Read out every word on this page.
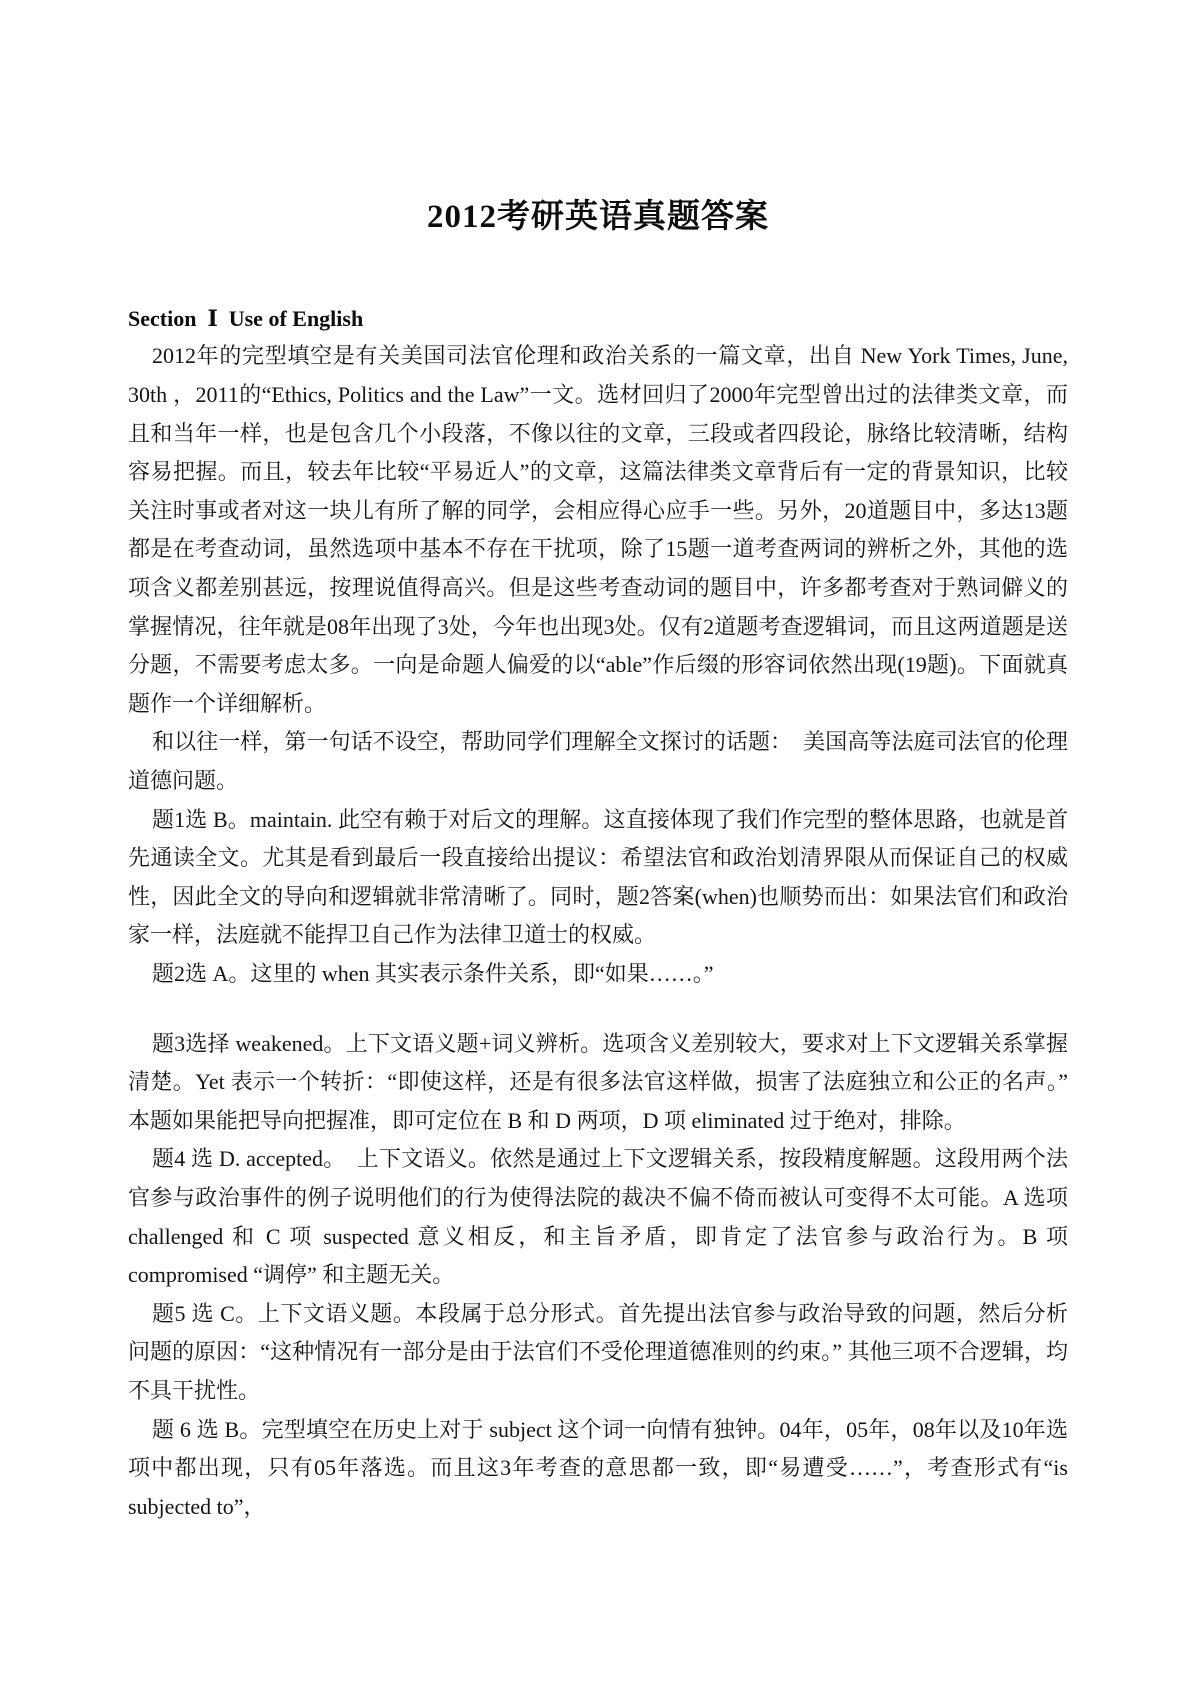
2012考研英语真题答案
Section  Ⅰ  Use of English

2012年的完型填空是有关美国司法官伦理和政治关系的一篇文章，出自 New York Times, June, 30th ，2011的“Ethics, Politics and the Law”一文。选材回归了2000年完型曾出过的法律类文章，而且和当年一样，也是包含几个小段落，不像以往的文章，三段或者四段论，脉络比较清晰，结构容易把握。而且，较去年比较“平易近人”的文章，这篇法律类文章背后有一定的背景知识，比较关注时事或者对这一块儿有所了解的同学，会相应得心应手一些。另外，20道题目中，多达13题都是在考查动词，虽然选项中基本不存在干扰项，除了15题一道考查两词的辨析之外，其他的选项含义都差别甚远，按理说值得高兴。但是这些考查动词的题目中，许多都考查对于熟词僻义的掌握情况，往年就是08年出现了3处，今年也出现3处。仅有2道题考查逻辑词，而且这两道题是送分题，不需要考虑太多。一向是命题人偏爱的以“able”作后缀的形容词依然出现(19题)。下面就真题作一个详细解析。

和以往一样，第一句话不设空，帮助同学们理解全文探讨的话题：　美国高等法庭司法官的伦理道德问题。

题1选 B。maintain. 此空有赖于对后文的理解。这直接体现了我们作完型的整体思路，也就是首先通读全文。尤其是看到最后一段直接给出提议：希望法官和政治划清界限从而保证自己的权威性，因此全文的导向和逻辑就非常清晰了。同时，题2答案(when)也顺势而出：如果法官们和政治家一样，法庭就不能捍卫自己作为法律卫道士的权威。

题2选 A。这里的 when 其实表示条件关系，即“如果……。”

题3选择 weakened。上下文语义题+词义辨析。选项含义差别较大，要求对上下文逻辑关系掌握清楚。Yet 表示一个转折：“即使这样，还是有很多法官这样做，损害了法庭独立和公正的名声。” 本题如果能把导向把握准，即可定位在 B 和 D 两项，D 项 eliminated 过于绝对，排除。

题4 选 D. accepted。　上下文语义。依然是通过上下文逻辑关系，按段精度解题。这段用两个法官参与政治事件的例子说明他们的行为使得法院的裁决不偏不倚而被认可变得不太可能。A 选项 challenged 和 C 项 suspected 意义相反，和主旨矛盾，即肯定了法官参与政治行为。B 项 compromised “调停” 和主题无关。

题5 选 C。上下文语义题。本段属于总分形式。首先提出法官参与政治导致的问题，然后分析问题的原因：“这种情况有一部分是由于法官们不受伦理道德准则的约束。” 其他三项不合逻辑，均不具干扰性。

题 6 选 B。完型填空在历史上对于 subject 这个词一向情有独钟。04年，05年，08年以及10年选项中都出现，只有05年落选。而且这3年考查的意思都一致，即“易遭受……”，考查形式有“is subjected to”，
